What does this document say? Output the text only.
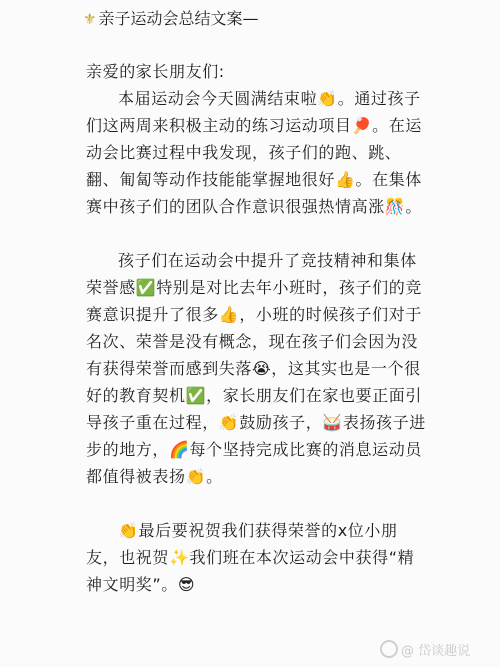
⚜ 亲子运动会总结文案—

亲爱的家长朋友们:

本届运动会今天圆满结束啦👏。通过孩子们这两周来积极主动的练习运动项目🏓。在运动会比赛过程中我发现，孩子们的跑、跳、翻、匍匐等动作技能能掌握地很好👍。在集体赛中孩子们的团队合作意识很强热情高涨🎊。

孩子们在运动会中提升了竞技精神和集体荣誉感✅特别是对比去年小班时，孩子们的竞赛意识提升了很多👍，小班的时候孩子们对于名次、荣誉是没有概念，现在孩子们会因为没有获得荣誉而感到失落😭，这其实也是一个很好的教育契机✅，家长朋友们在家也要正面引导孩子重在过程，👏鼓励孩子，🥁表扬孩子进步的地方，🌈每个坚持完成比赛的消息运动员都值得被表扬👏。

👏最后要祝贺我们获得荣誉的x位小朋友，也祝贺✨我们班在本次运动会中获得“精神文明奖”。😎

@ 岱谈趣说
